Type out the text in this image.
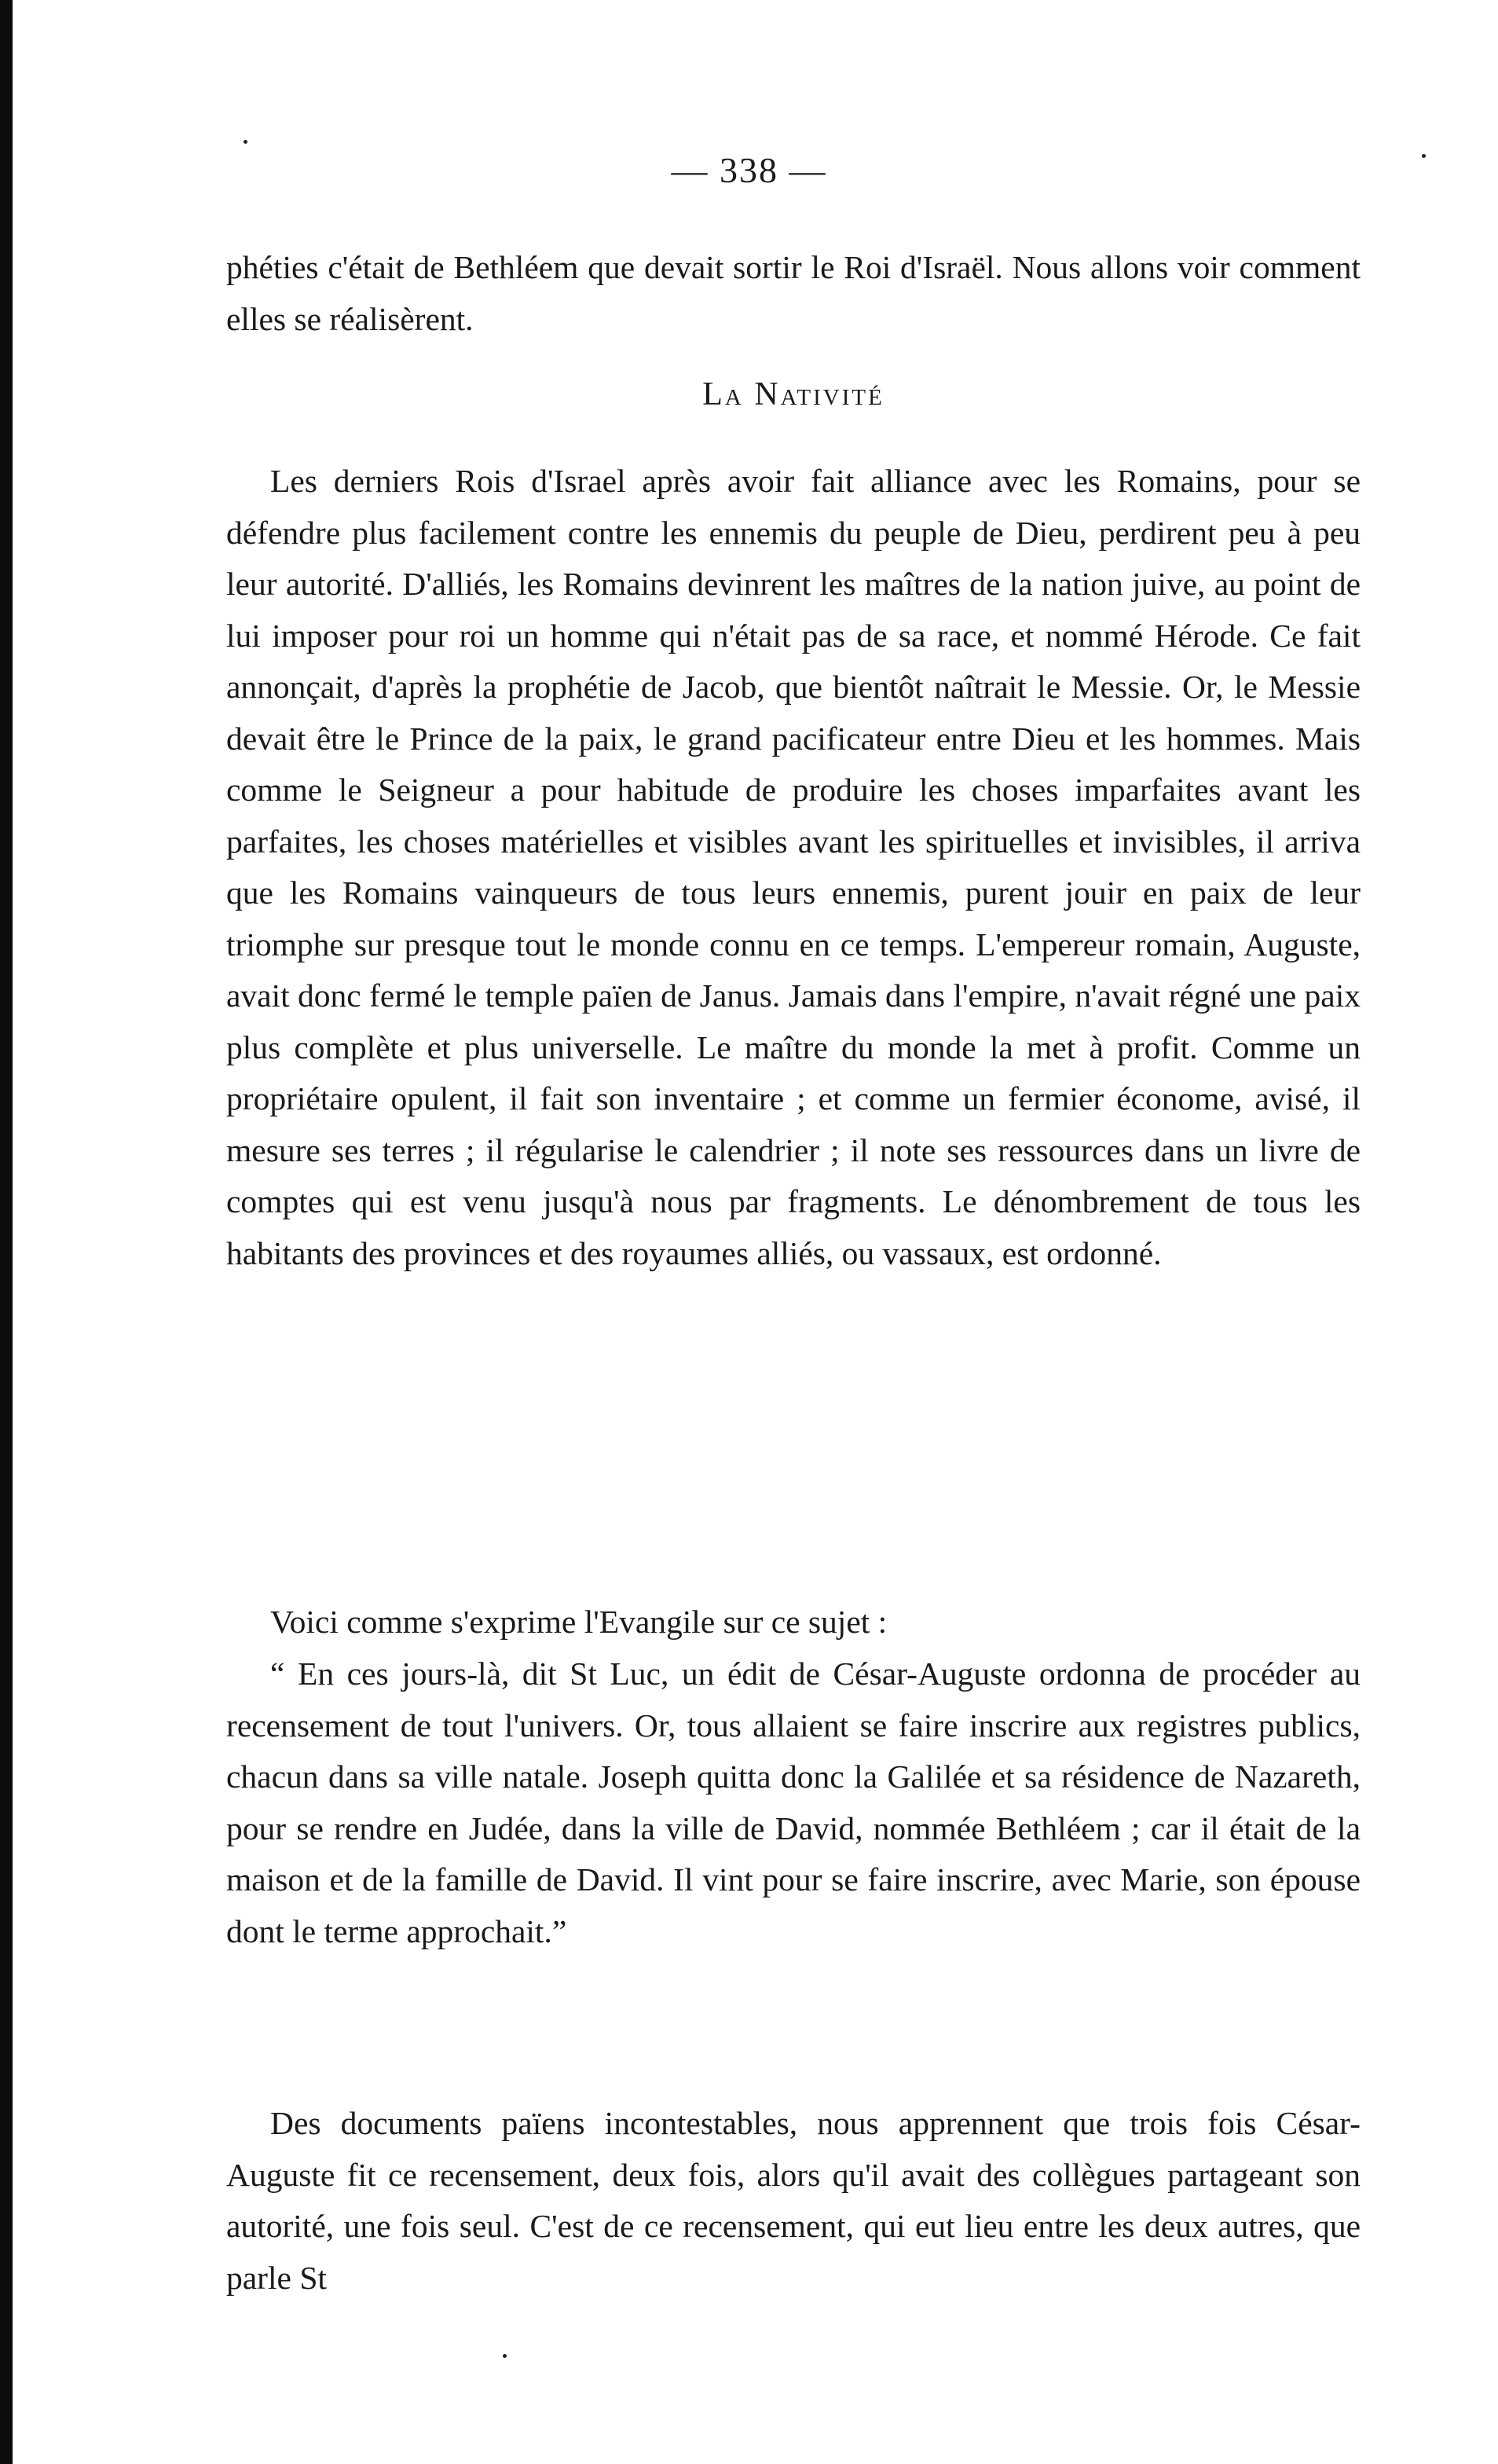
— 338 —

phéties c'était de Bethléem que devait sortir le Roi d'Israël. Nous allons voir comment elles se réalisèrent.

La Nativité

Les derniers Rois d'Israel après avoir fait alliance avec les Romains, pour se défendre plus facilement contre les ennemis du peuple de Dieu, perdirent peu à peu leur autorité. D'alliés, les Romains devinrent les maîtres de la nation juive, au point de lui imposer pour roi un homme qui n'était pas de sa race, et nommé Hérode. Ce fait annonçait, d'après la prophétie de Jacob, que bientôt naîtrait le Messie. Or, le Messie devait être le Prince de la paix, le grand pacificateur entre Dieu et les hommes. Mais comme le Seigneur a pour habitude de produire les choses imparfaites avant les parfaites, les choses matérielles et visibles avant les spirituelles et invisibles, il arriva que les Romains vainqueurs de tous leurs ennemis, purent jouir en paix de leur triomphe sur presque tout le monde connu en ce temps. L'empereur romain, Auguste, avait donc fermé le temple païen de Janus. Jamais dans l'empire, n'avait régné une paix plus complète et plus universelle. Le maître du monde la met à profit. Comme un propriétaire opulent, il fait son inventaire ; et comme un fermier économe, avisé, il mesure ses terres ; il régularise le calendrier ; il note ses ressources dans un livre de comptes qui est venu jusqu'à nous par fragments. Le dénombrement de tous les habitants des provinces et des royaumes alliés, ou vassaux, est ordonné.

Voici comme s'exprime l'Evangile sur ce sujet :

“ En ces jours-là, dit St Luc, un édit de César-Auguste ordonna de procéder au recensement de tout l'univers. Or, tous allaient se faire inscrire aux registres publics, chacun dans sa ville natale. Joseph quitta donc la Galilée et sa résidence de Nazareth, pour se rendre en Judée, dans la ville de David, nommée Bethléem ; car il était de la maison et de la famille de David. Il vint pour se faire inscrire, avec Marie, son épouse dont le terme approchait.”

Des documents païens incontestables, nous apprennent que trois fois César-Auguste fit ce recensement, deux fois, alors qu'il avait des collègues partageant son autorité, une fois seul. C'est de ce recensement, qui eut lieu entre les deux autres, que parle St
